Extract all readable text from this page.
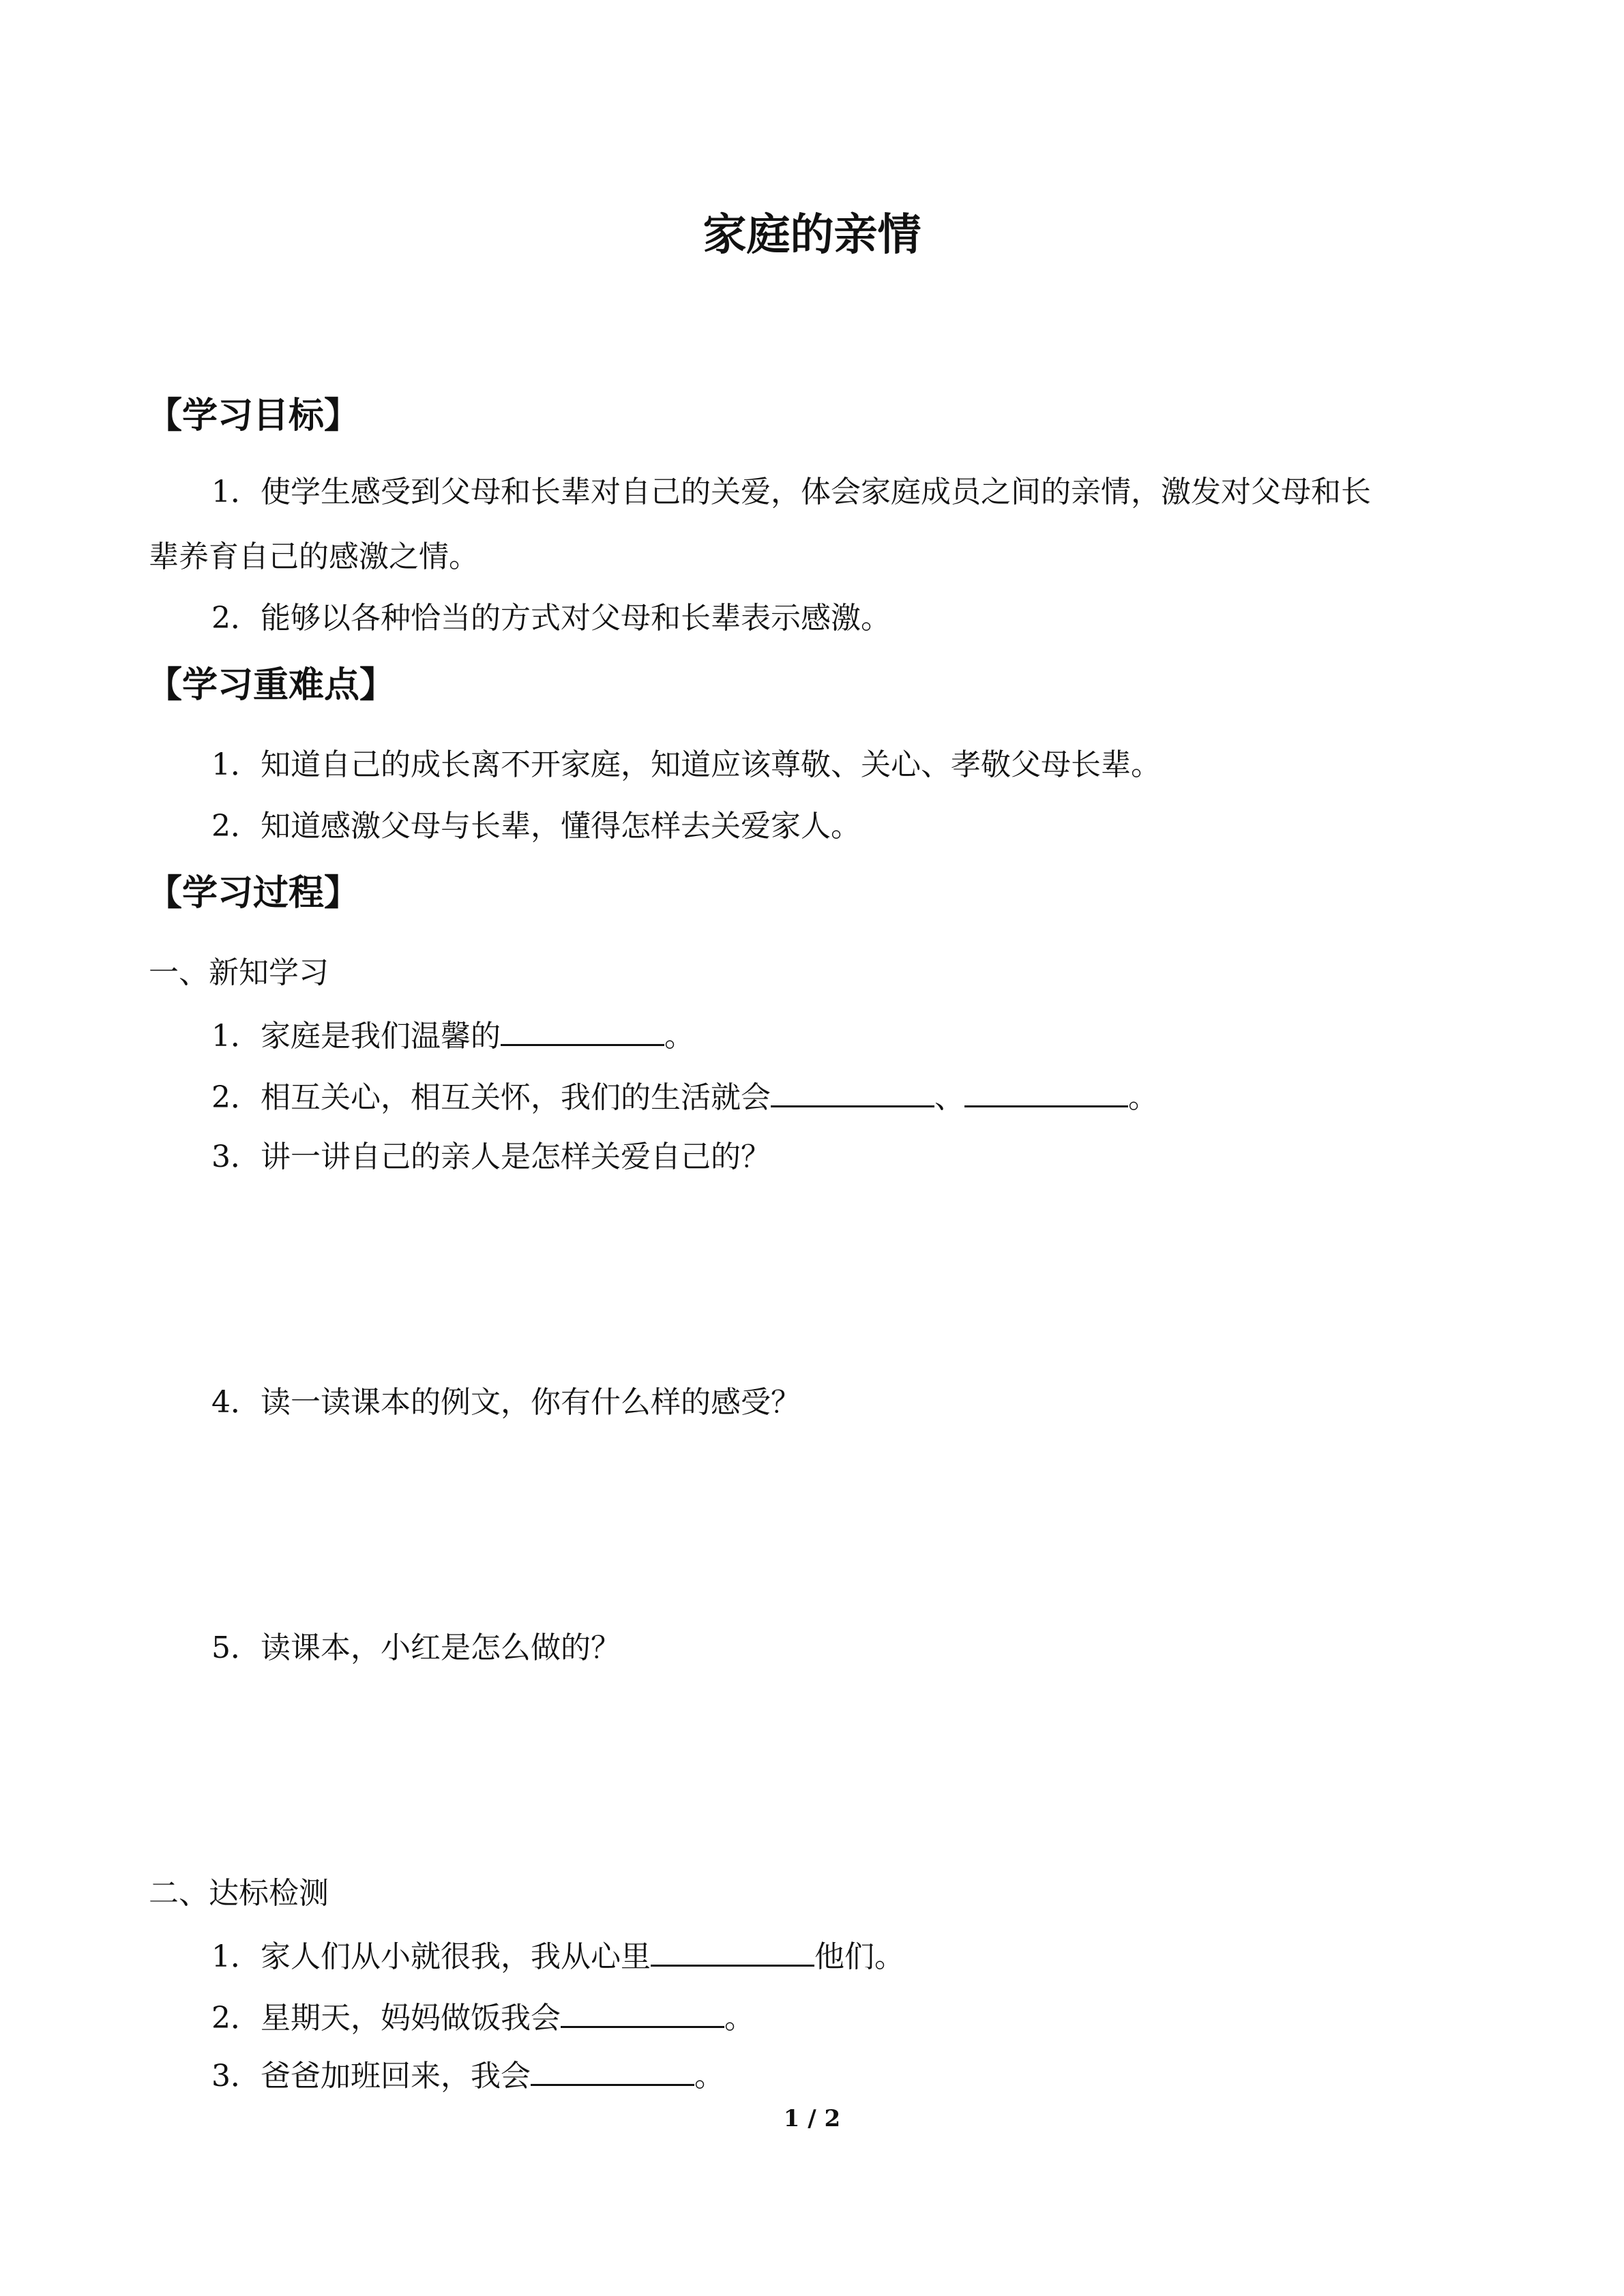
家庭的亲情
【学习目标】
1．使学生感受到父母和长辈对自己的关爱，体会家庭成员之间的亲情，激发对父母和长
辈养育自己的感激之情。
2．能够以各种恰当的方式对父母和长辈表示感激。
【学习重难点】
1．知道自己的成长离不开家庭，知道应该尊敬、关心、孝敬父母长辈。
2．知道感激父母与长辈，懂得怎样去关爱家人。
【学习过程】
一、新知学习
1．家庭是我们温馨的	。
2．相互关心，相互关怀，我们的生活就会	、	。
3．讲一讲自己的亲人是怎样关爱自己的？
4．读一读课本的例文，你有什么样的感受？
5．读课本，小红是怎么做的？
二、达标检测
1．家人们从小就很我，我从心里	他们。
2．星期天，妈妈做饭我会	。
3．爸爸加班回来，我会	。
1 / 2
